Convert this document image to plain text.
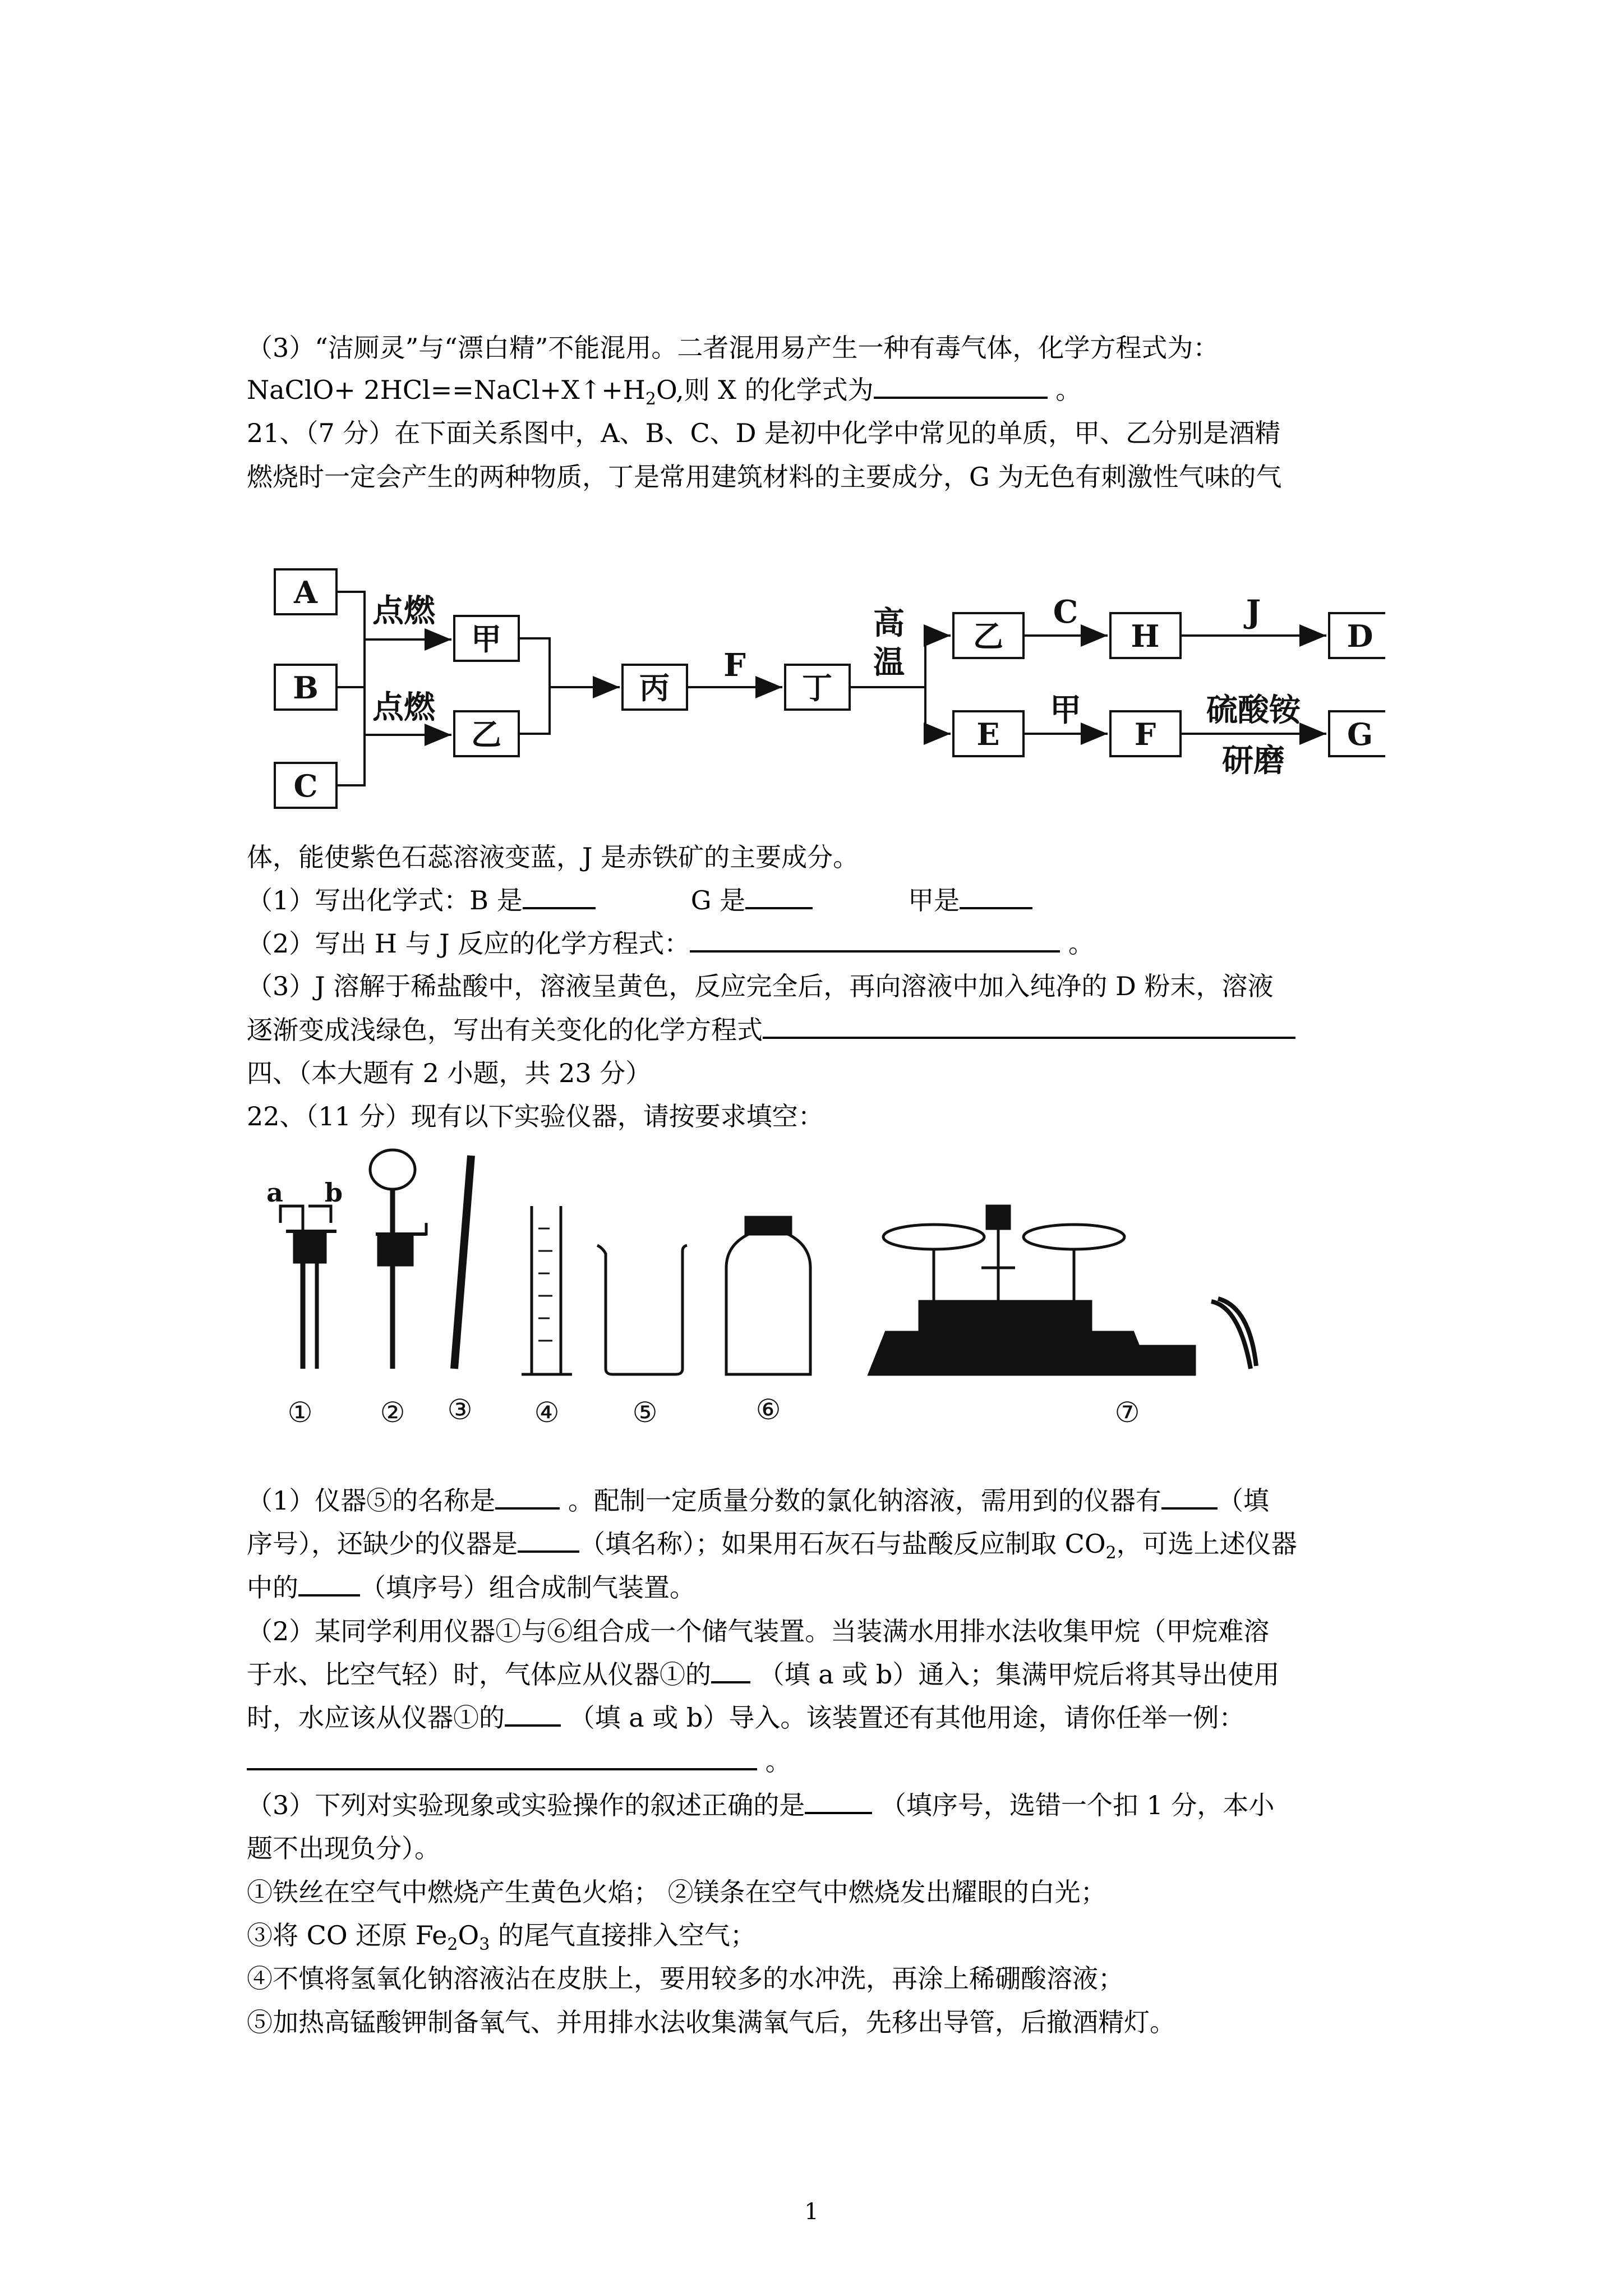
（3）“洁厕灵”与“漂白精”不能混用。二者混用易产生一种有毒气体，化学方程式为：
NaClO+ $2HCl==NaCl+X↑+H_2O$,则 X 的化学式为	。
21、（7 分）在下面关系图中，A、B、C、D 是初中化学中常见的单质，甲、乙分别是酒精
燃烧时一定会产生的两种物质，丁是常用建筑材料的主要成分，G 为无色有刺激性气味的气
A
B
C
甲
乙
丙	丁
乙
E
H
F
D
G
点燃
点燃
F
高
温
C	J
甲	硫酸铵
研磨
体，能使紫色石蕊溶液变蓝，J 是赤铁矿的主要成分。
（1）写出化学式：B 是	G 是	甲是
（2）写出 H 与 J 反应的化学方程式：	。
（3）J 溶解于稀盐酸中，溶液呈黄色，反应完全后，再向溶液中加入纯净的 D 粉末，溶液
逐渐变成浅绿色，写出有关变化的化学方程式
四、（本大题有 2 小题，共 23 分）
22、（11 分）现有以下实验仪器，请按要求填空：
a b
① ② ③ ④	⑤	⑥	⑦
（1）仪器⑤的名称是	。配制一定质量分数的氯化钠溶液，需用到的仪器有 （填
序号），还缺少的仪器是 （填名称）；如果用石灰石与盐酸反应制取 $CO_2$，可选上述仪器
中的 （填序号）组合成制气装置。
（2）某同学利用仪器①与⑥组合成一个储气装置。当装满水用排水法收集甲烷（甲烷难溶
于水、比空气轻）时，气体应从仪器①的 （填 a 或 b）通入；集满甲烷后将其导出使用
时，水应该从仪器①的 （填 a 或 b）导入。该装置还有其他用途，请你任举一例：
。
（3）下列对实验现象或实验操作的叙述正确的是	（填序号，选错一个扣 1 分，本小
题不出现负分）。
①铁丝在空气中燃烧产生黄色火焰； ②镁条在空气中燃烧发出耀眼的白光；
③将 CO 还原 $Fe_2O_3$ 的尾气直接排入空气；
④不慎将氢氧化钠溶液沾在皮肤上，要用较多的水冲洗，再涂上稀硼酸溶液；
⑤加热高锰酸钾制备氧气、并用排水法收集满氧气后，先移出导管，后撤酒精灯。
1
